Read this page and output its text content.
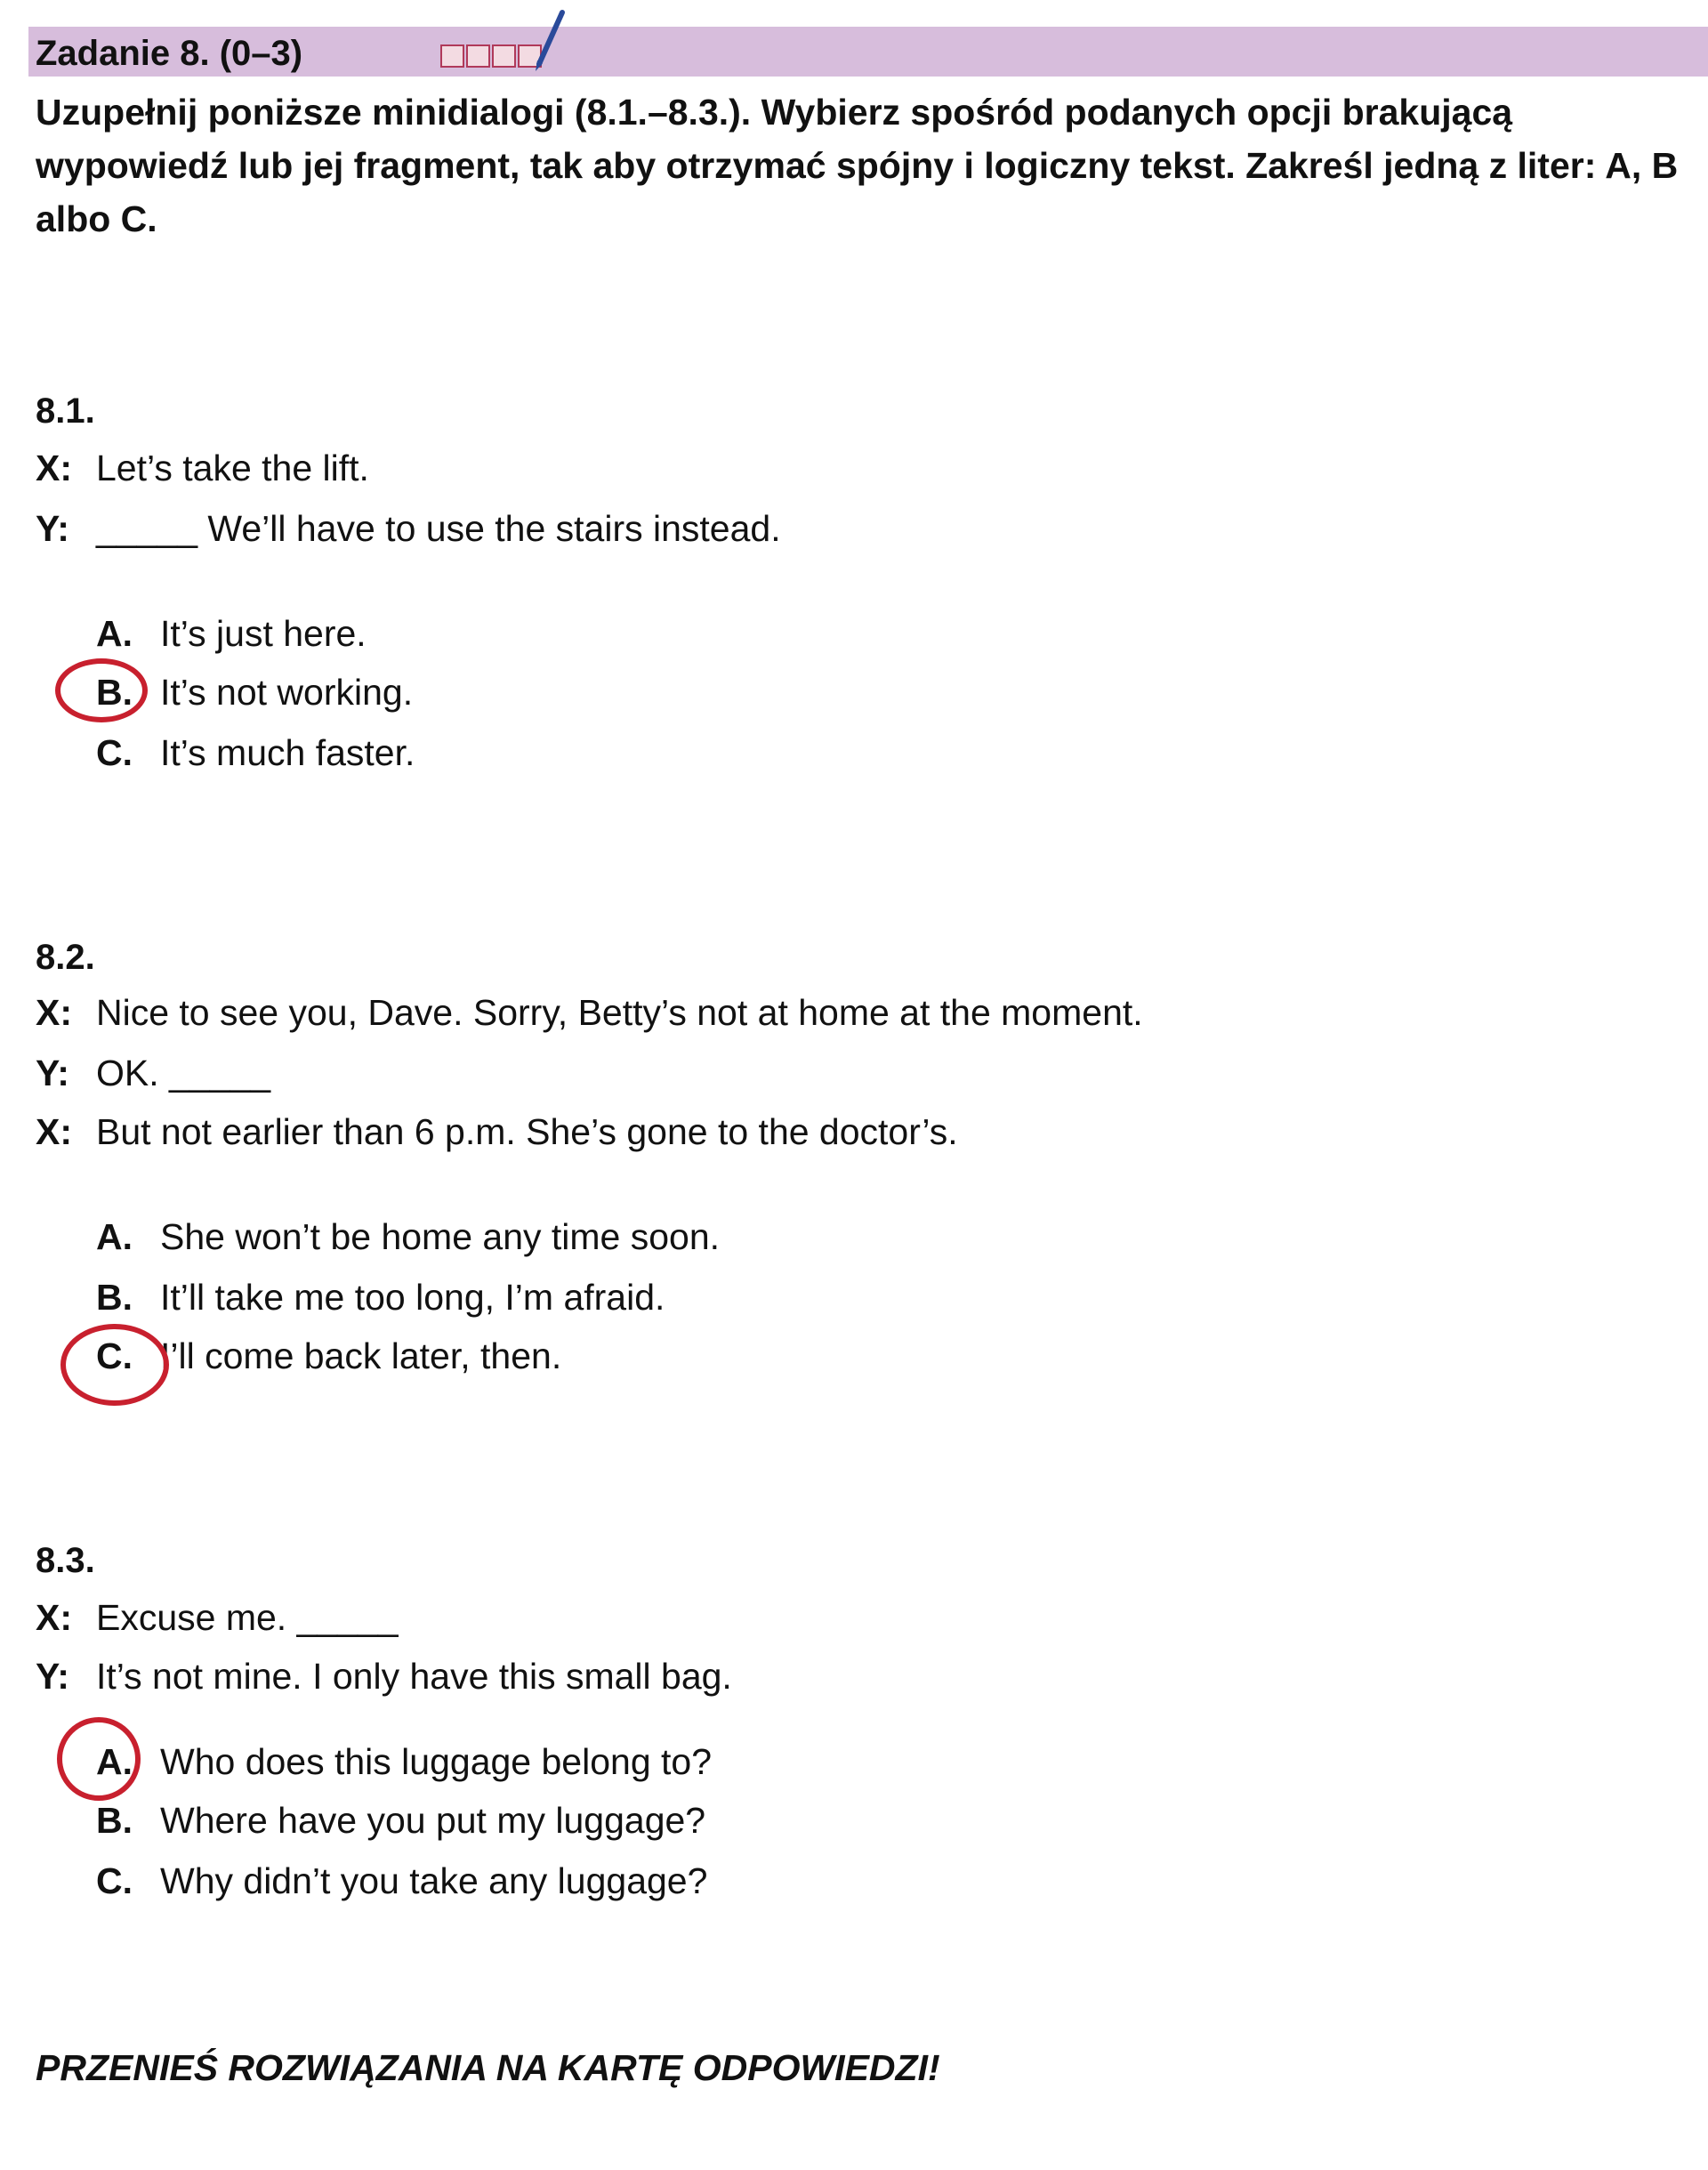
Zadanie 8. (0–3)
Uzupełnij poniższe minidialogi (8.1.–8.3.). Wybierz spośród podanych opcji brakującą wypowiedź lub jej fragment, tak aby otrzymać spójny i logiczny tekst. Zakreśl jedną z liter: A, B albo C.
8.1.
X: Let’s take the lift.
Y: _____ We’ll have to use the stairs instead.
A. It’s just here.
B. It’s not working.
C. It’s much faster.
8.2.
X: Nice to see you, Dave. Sorry, Betty’s not at home at the moment.
Y: OK. _____
X: But not earlier than 6 p.m. She’s gone to the doctor’s.
A. She won’t be home any time soon.
B. It’ll take me too long, I’m afraid.
C. I’ll come back later, then.
8.3.
X: Excuse me. _____
Y: It’s not mine. I only have this small bag.
A. Who does this luggage belong to?
B. Where have you put my luggage?
C. Why didn’t you take any luggage?
PRZENIEŚ ROZWIĄZANIA NA KARTĘ ODPOWIEDZI!
